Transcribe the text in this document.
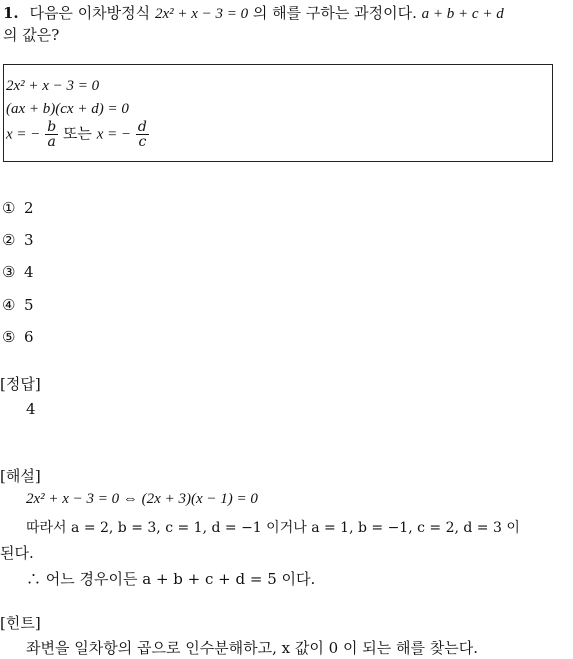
1. 다음은 이차방정식 2x² + x − 3 = 0 의 해를 구하는 과정이다. a + b + c + d
의 값은?
2x² + x − 3 = 0
(ax + b)(cx + d) = 0
x = − $\frac{b}{a}$ 또는 x = − $\frac{d}{c}$
① 2
② 3
③ 4
④ 5
⑤ 6
[정답]
4
[해설]
2x² + x − 3 = 0 ⇔ (2x + 3)(x − 1) = 0
따라서 a = 2, b = 3, c = 1, d = −1 이거나 a = 1, b = −1, c = 2, d = 3 이
된다.
∴ 어느 경우이든 a + b + c + d = 5 이다.
[힌트]
좌변을 일차항의 곱으로 인수분해하고, x 값이 0 이 되는 해를 찾는다.
